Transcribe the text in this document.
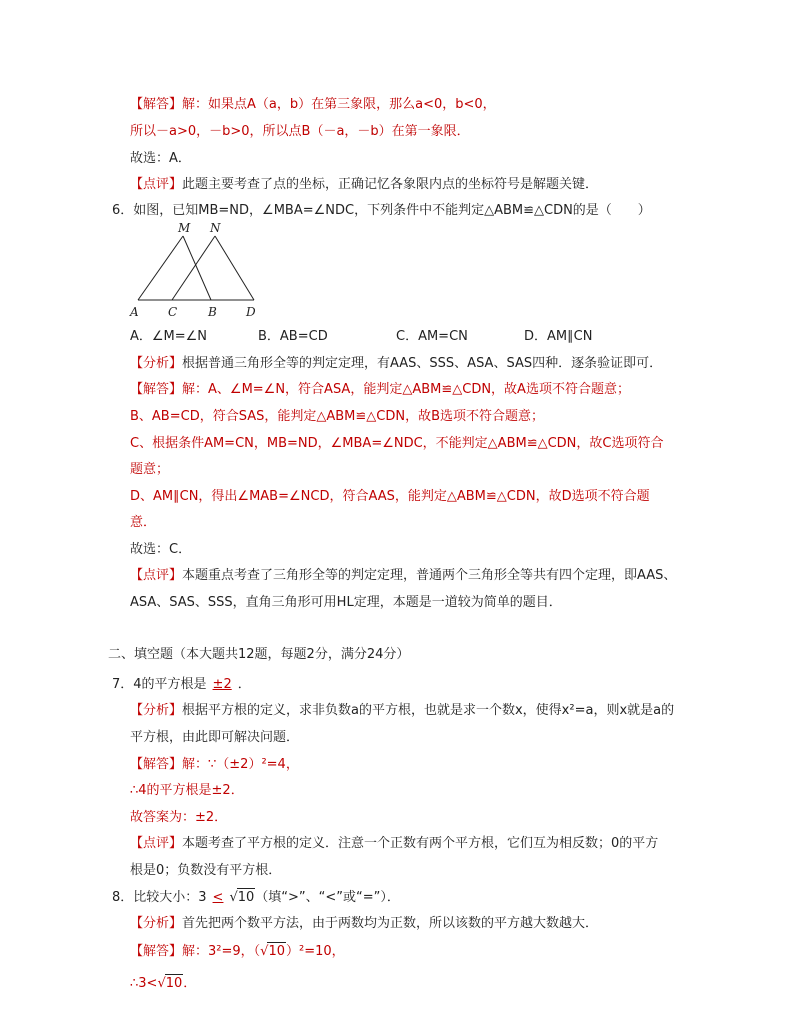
【解答】解：如果点A（a，b）在第三象限，那么a<0，b<0，
所以－a>0，－b>0，所以点B（－a，－b）在第一象限．
故选：A．
【点评】此题主要考查了点的坐标，正确记忆各象限内点的坐标符号是解题关键．
6．如图，已知MB=ND，∠MBA=∠NDC，下列条件中不能判定△ABM≌△CDN的是（　　）
M N
A C	B D
A．∠M=∠N	B．AB=CD	C．AM=CN	D．AM∥CN
【分析】根据普通三角形全等的判定定理，有AAS、SSS、ASA、SAS四种．逐条验证即可．
【解答】解：A、∠M=∠N，符合ASA，能判定△ABM≌△CDN，故A选项不符合题意；
B、AB=CD，符合SAS，能判定△ABM≌△CDN，故B选项不符合题意；
C、根据条件AM=CN，MB=ND，∠MBA=∠NDC，不能判定△ABM≌△CDN，故C选项符合
题意；
D、AM∥CN，得出∠MAB=∠NCD，符合AAS，能判定△ABM≌△CDN，故D选项不符合题
意．
故选：C．
【点评】本题重点考查了三角形全等的判定定理，普通两个三角形全等共有四个定理，即AAS、
ASA、SAS、SSS，直角三角形可用HL定理，本题是一道较为简单的题目．
二、填空题（本大题共12题，每题2分，满分24分）
7．4的平方根是 ±2 ．
【分析】根据平方根的定义，求非负数a的平方根，也就是求一个数x，使得x²=a，则x就是a的
平方根，由此即可解决问题．
【解答】解：∵（±2）²=4，
∴4的平方根是±2．
故答案为：±2．
【点评】本题考查了平方根的定义．注意一个正数有两个平方根，它们互为相反数；0的平方
根是0；负数没有平方根．
8．比较大小：3 < √10（填“>”、“<”或“=”）．
【分析】首先把两个数平方法，由于两数均为正数，所以该数的平方越大数越大．
【解答】解：3²=9，（√10）²=10，
∴3<√10．
